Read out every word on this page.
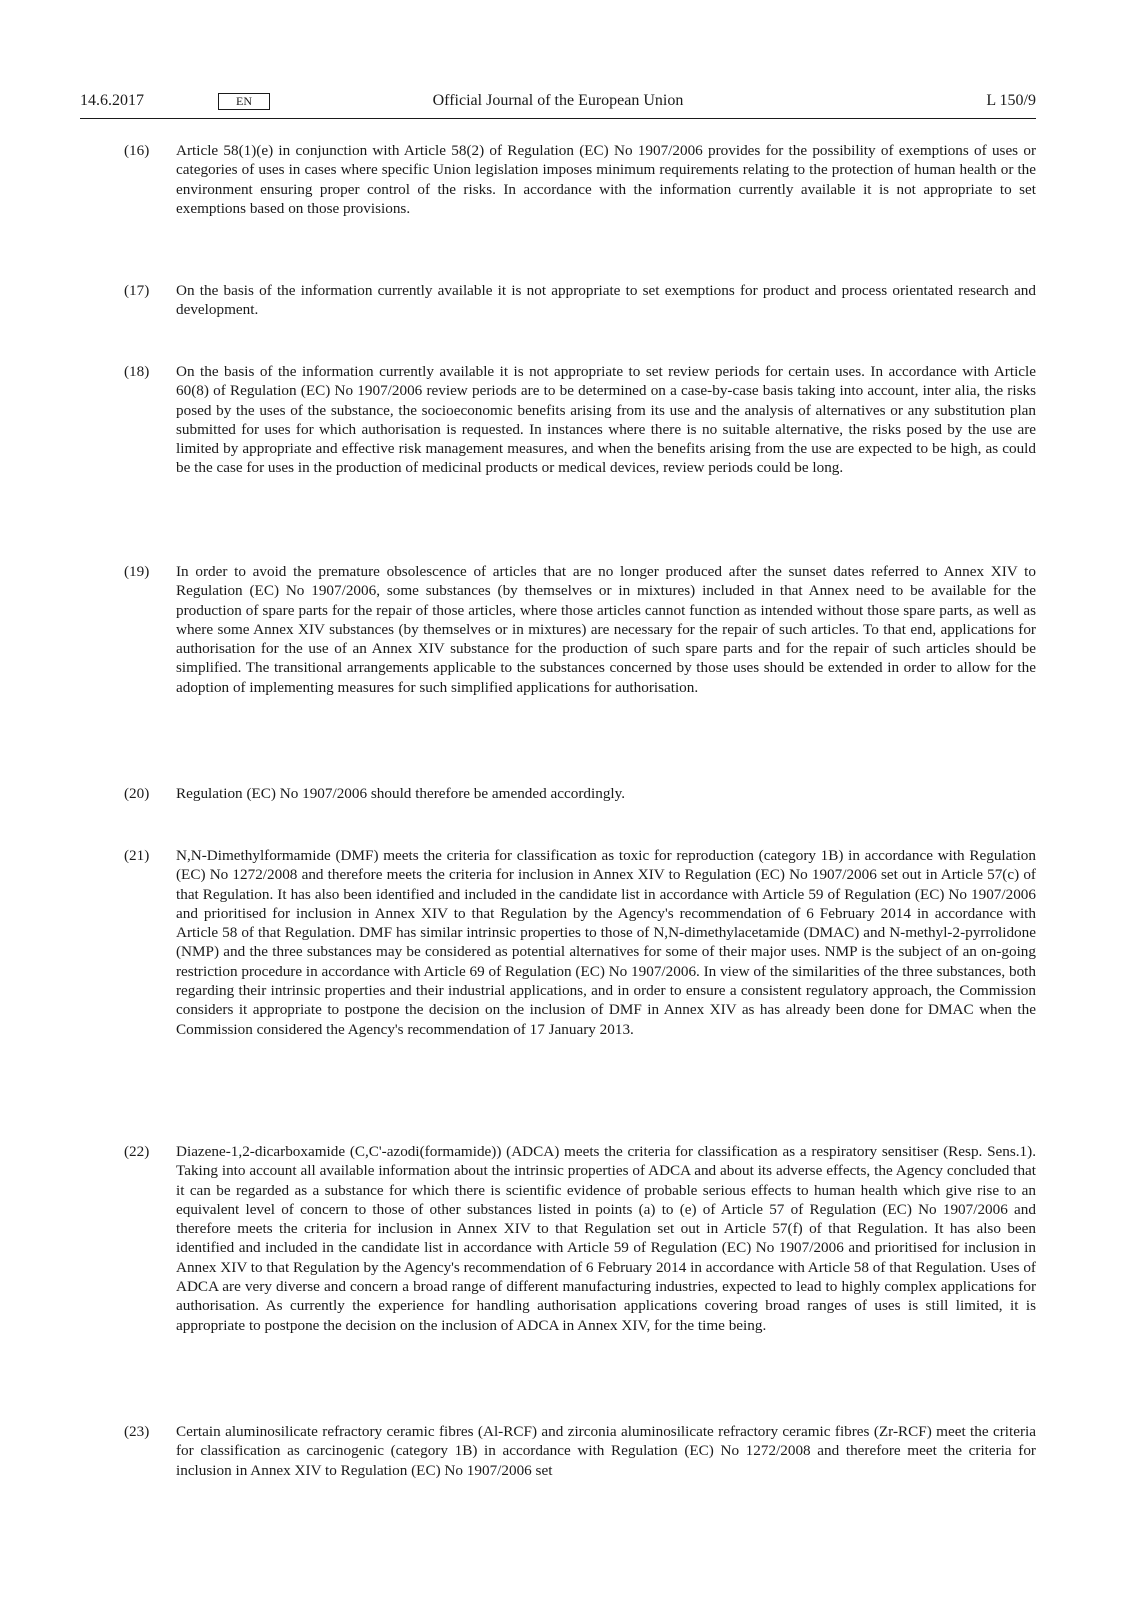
14.6.2017	EN	Official Journal of the European Union	L 150/9
(16)	Article 58(1)(e) in conjunction with Article 58(2) of Regulation (EC) No 1907/2006 provides for the possibility of exemptions of uses or categories of uses in cases where specific Union legislation imposes minimum requirements relating to the protection of human health or the environment ensuring proper control of the risks. In accordance with the information currently available it is not appropriate to set exemptions based on those provisions.
(17)	On the basis of the information currently available it is not appropriate to set exemptions for product and process orientated research and development.
(18)	On the basis of the information currently available it is not appropriate to set review periods for certain uses. In accordance with Article 60(8) of Regulation (EC) No 1907/2006 review periods are to be determined on a case-by-case basis taking into account, inter alia, the risks posed by the uses of the substance, the socioeconomic benefits arising from its use and the analysis of alternatives or any substitution plan submitted for uses for which authorisation is requested. In instances where there is no suitable alternative, the risks posed by the use are limited by appropriate and effective risk management measures, and when the benefits arising from the use are expected to be high, as could be the case for uses in the production of medicinal products or medical devices, review periods could be long.
(19)	In order to avoid the premature obsolescence of articles that are no longer produced after the sunset dates referred to Annex XIV to Regulation (EC) No 1907/2006, some substances (by themselves or in mixtures) included in that Annex need to be available for the production of spare parts for the repair of those articles, where those articles cannot function as intended without those spare parts, as well as where some Annex XIV substances (by themselves or in mixtures) are necessary for the repair of such articles. To that end, applications for authorisation for the use of an Annex XIV substance for the production of such spare parts and for the repair of such articles should be simplified. The transitional arrangements applicable to the substances concerned by those uses should be extended in order to allow for the adoption of implementing measures for such simplified applications for authorisation.
(20)	Regulation (EC) No 1907/2006 should therefore be amended accordingly.
(21)	N,N-Dimethylformamide (DMF) meets the criteria for classification as toxic for reproduction (category 1B) in accordance with Regulation (EC) No 1272/2008 and therefore meets the criteria for inclusion in Annex XIV to Regulation (EC) No 1907/2006 set out in Article 57(c) of that Regulation. It has also been identified and included in the candidate list in accordance with Article 59 of Regulation (EC) No 1907/2006 and prioritised for inclusion in Annex XIV to that Regulation by the Agency's recommendation of 6 February 2014 in accordance with Article 58 of that Regulation. DMF has similar intrinsic properties to those of N,N-dimethylacetamide (DMAC) and N-methyl-2-pyrrolidone (NMP) and the three substances may be considered as potential alternatives for some of their major uses. NMP is the subject of an on-going restriction procedure in accordance with Article 69 of Regulation (EC) No 1907/2006. In view of the similarities of the three substances, both regarding their intrinsic properties and their industrial applications, and in order to ensure a consistent regulatory approach, the Commission considers it appropriate to postpone the decision on the inclusion of DMF in Annex XIV as has already been done for DMAC when the Commission considered the Agency's recommendation of 17 January 2013.
(22)	Diazene-1,2-dicarboxamide (C,C'-azodi(formamide)) (ADCA) meets the criteria for classification as a respiratory sensitiser (Resp. Sens.1). Taking into account all available information about the intrinsic properties of ADCA and about its adverse effects, the Agency concluded that it can be regarded as a substance for which there is scientific evidence of probable serious effects to human health which give rise to an equivalent level of concern to those of other substances listed in points (a) to (e) of Article 57 of Regulation (EC) No 1907/2006 and therefore meets the criteria for inclusion in Annex XIV to that Regulation set out in Article 57(f) of that Regulation. It has also been identified and included in the candidate list in accordance with Article 59 of Regulation (EC) No 1907/2006 and prioritised for inclusion in Annex XIV to that Regulation by the Agency's recommendation of 6 February 2014 in accordance with Article 58 of that Regulation. Uses of ADCA are very diverse and concern a broad range of different manufacturing industries, expected to lead to highly complex applications for authorisation. As currently the experience for handling authorisation applications covering broad ranges of uses is still limited, it is appropriate to postpone the decision on the inclusion of ADCA in Annex XIV, for the time being.
(23)	Certain aluminosilicate refractory ceramic fibres (Al-RCF) and zirconia aluminosilicate refractory ceramic fibres (Zr-RCF) meet the criteria for classification as carcinogenic (category 1B) in accordance with Regulation (EC) No 1272/2008 and therefore meet the criteria for inclusion in Annex XIV to Regulation (EC) No 1907/2006 set
